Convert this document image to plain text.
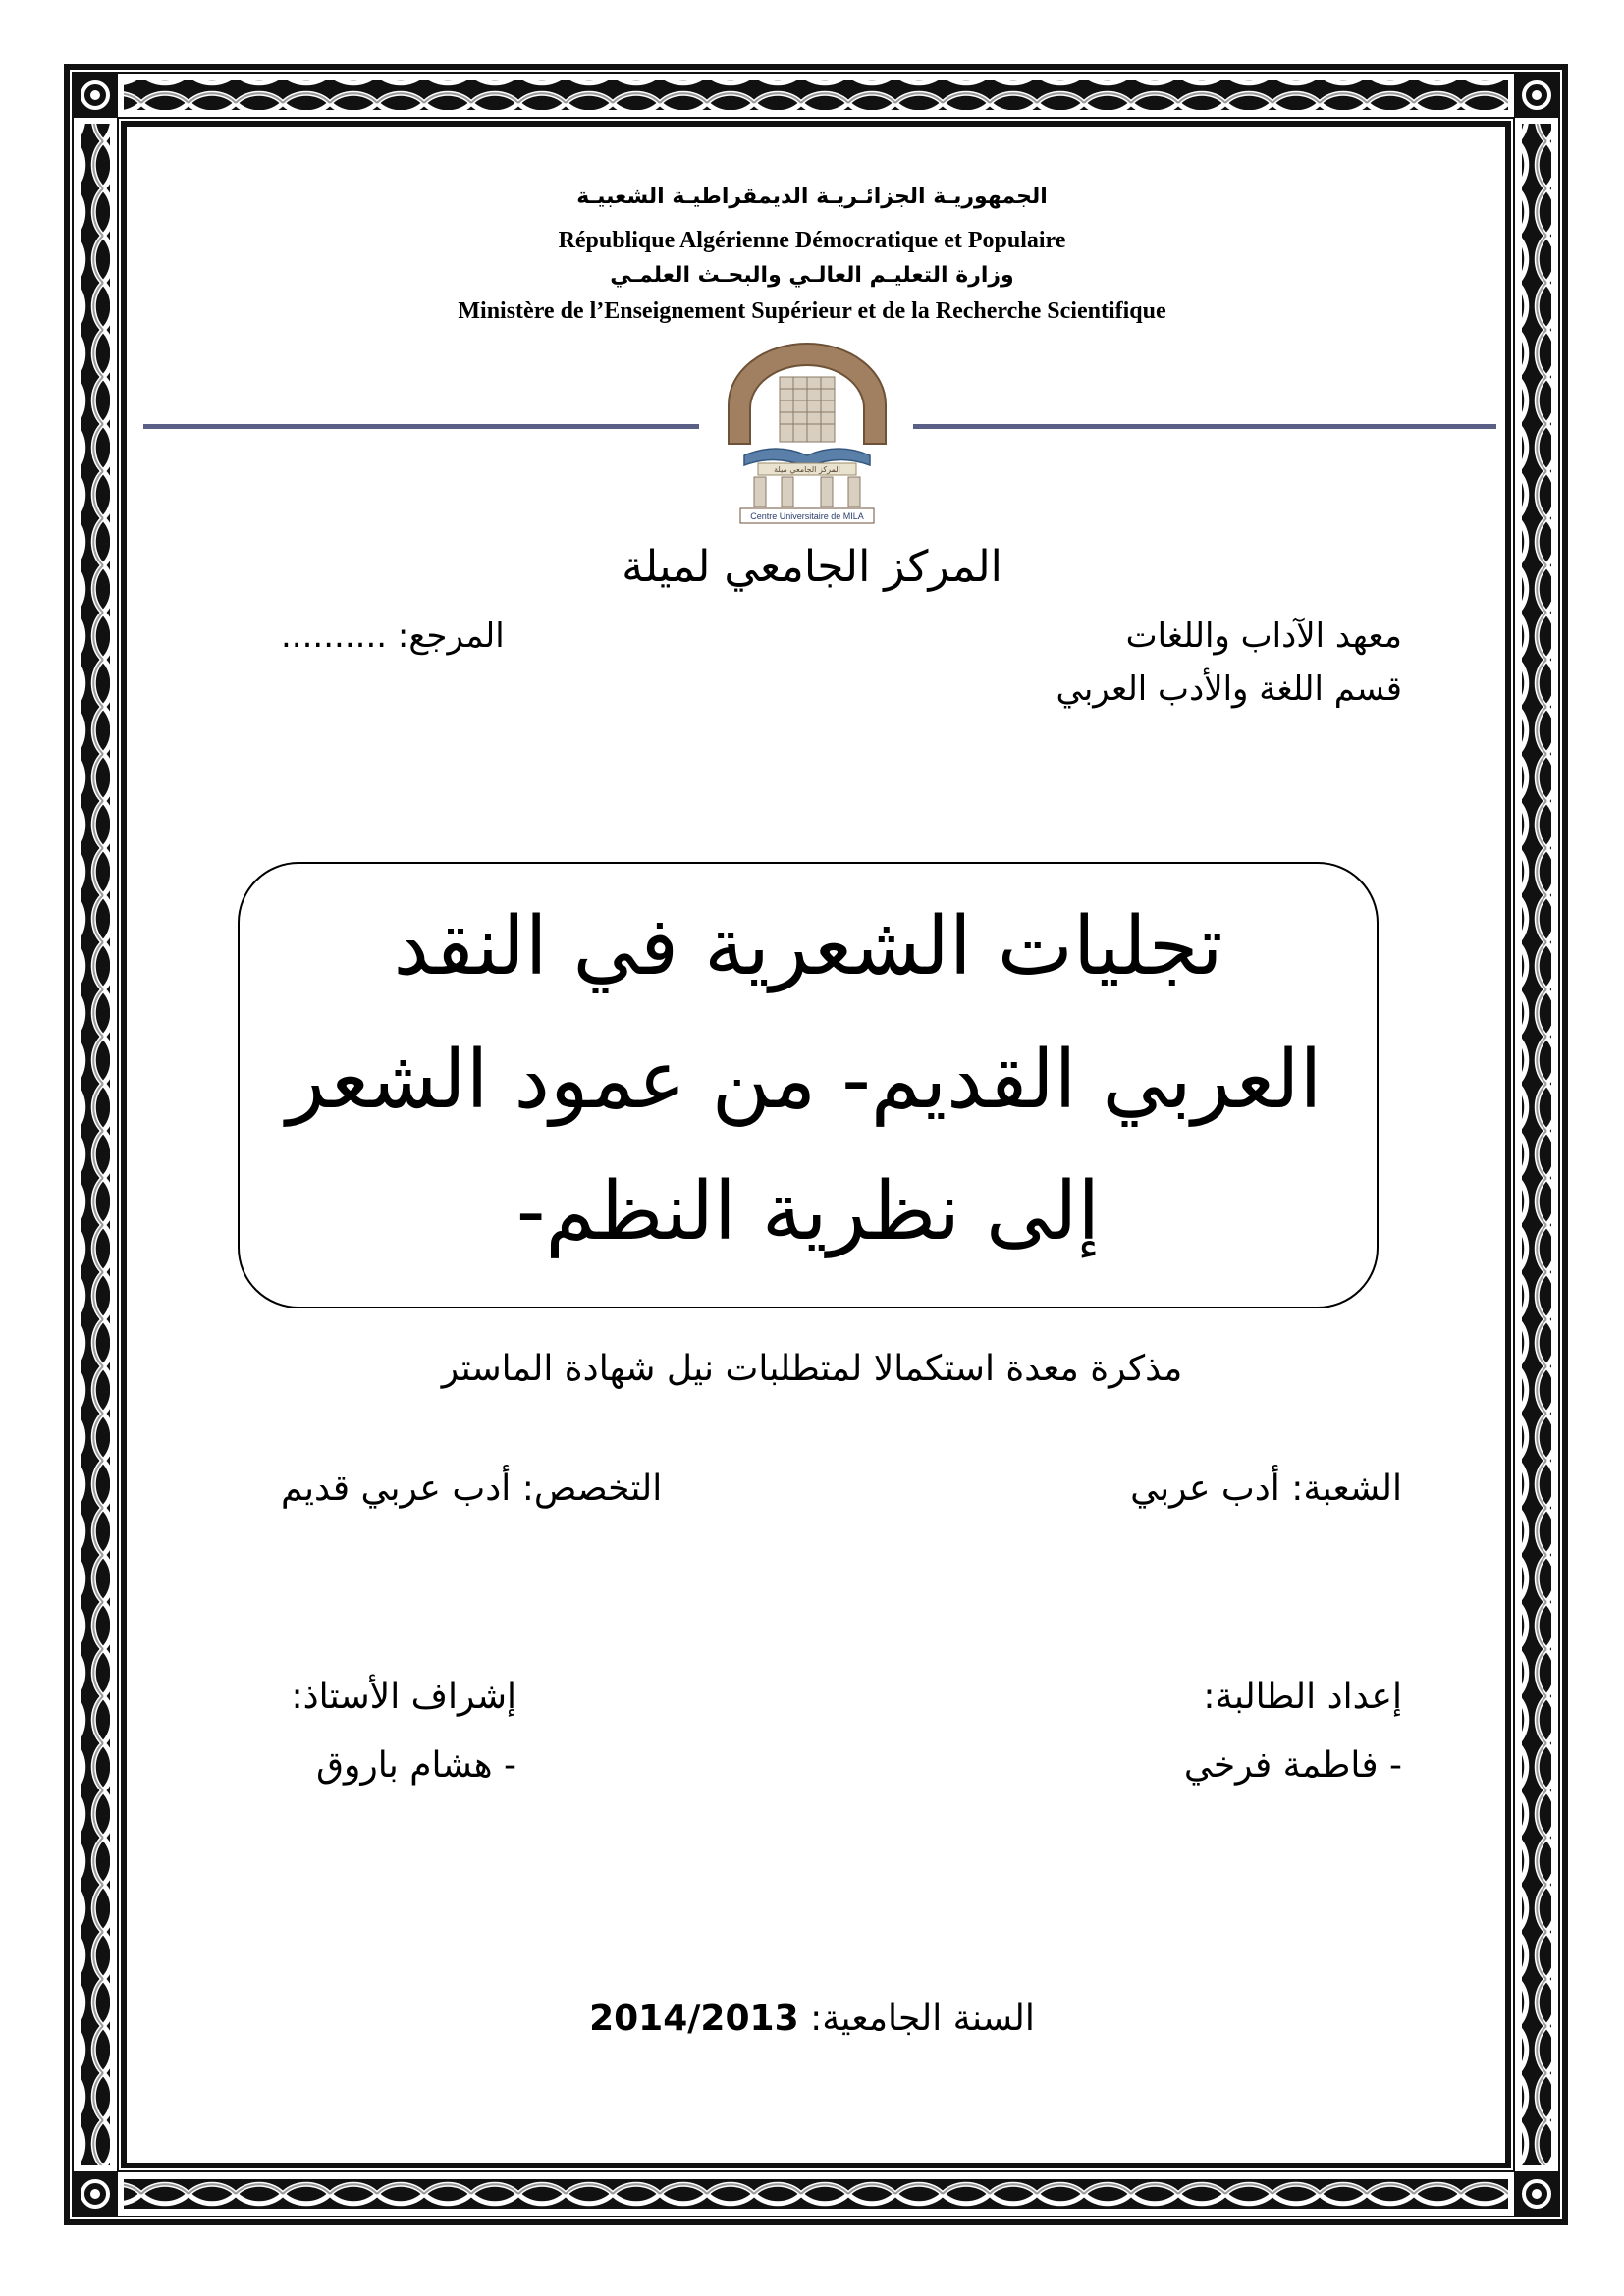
الجمهوريـة الجزائـريـة الديمقراطيـة الشعبيـة
République Algérienne Démocratique et Populaire
وزارة التعليـم العالـي والبحـث العلمـي
Ministère de l’Enseignement Supérieur et de la Recherche Scientifique
المركز الجامعي ميلة
Centre Universitaire de MILA
المركز الجامعي لميلة
معهد الآداب واللغات
المرجع: ..........
قسم اللغة والأدب العربي
تجليات الشعرية في النقد
العربي القديم- من عمود الشعر
إلى نظرية النظم-
مذكرة معدة استكمالا لمتطلبات نيل شهادة الماستر
الشعبة: أدب عربي
التخصص: أدب عربي قديم
إعداد الطالبة:
إشراف الأستاذ:
- فاطمة فرخي
- هشام باروق
السنة الجامعية: 2014/2013
